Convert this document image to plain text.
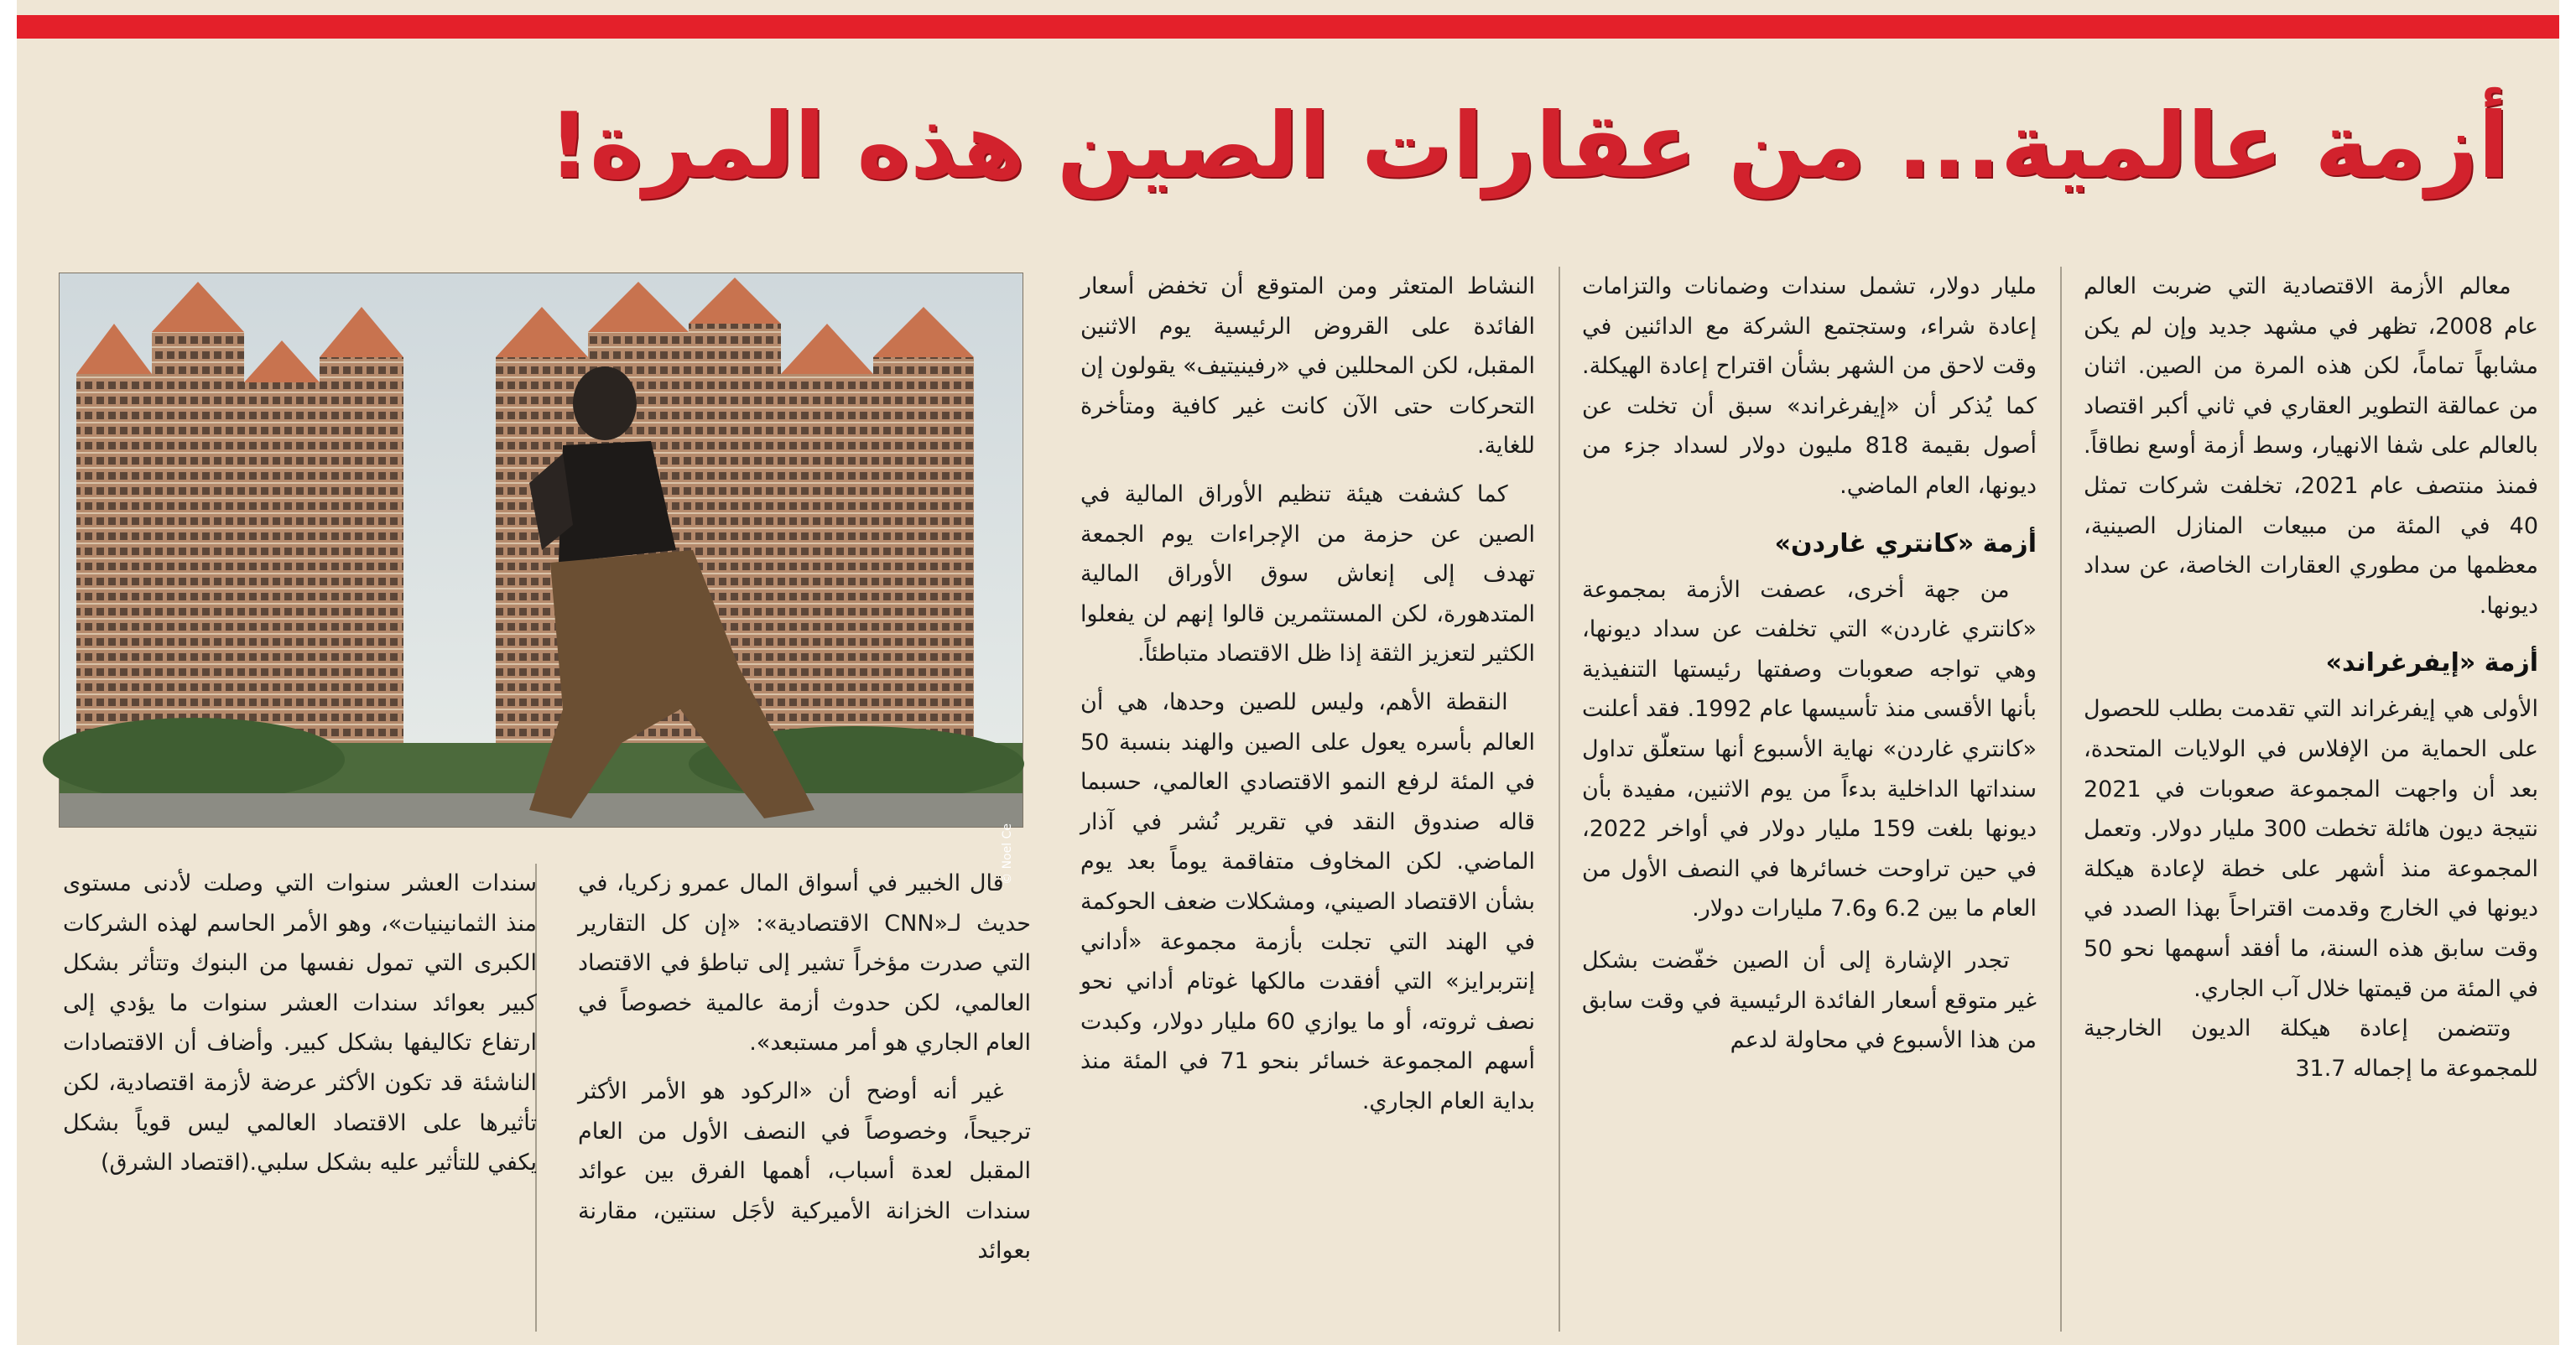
أزمة عالمية... من عقارات الصين هذه المرة!

معالم الأزمة الاقتصادية التي ضربت العالم عام 2008، تظهر في مشهد جديد وإن لم يكن مشابهاً تماماً، لكن هذه المرة من الصين. اثنان من عمالقة التطوير العقاري في ثاني أكبر اقتصاد بالعالم على شفا الانهيار، وسط أزمة أوسع نطاقاً. فمنذ منتصف عام 2021، تخلفت شركات تمثل 40 في المئة من مبيعات المنازل الصينية، معظمها من مطوري العقارات الخاصة، عن سداد ديونها.

أزمة «إيفرغراند»

الأولى هي إيفرغراند التي تقدمت بطلب للحصول على الحماية من الإفلاس في الولايات المتحدة، بعد أن واجهت المجموعة صعوبات في 2021 نتيجة ديون هائلة تخطت 300 مليار دولار. وتعمل المجموعة منذ أشهر على خطة لإعادة هيكلة ديونها في الخارج وقدمت اقتراحاً بهذا الصدد في وقت سابق هذه السنة، ما أفقد أسهمها نحو 50 في المئة من قيمتها خلال آب الجاري.

وتتضمن إعادة هيكلة الديون الخارجية للمجموعة ما إجماله 31.7

مليار دولار، تشمل سندات وضمانات والتزامات إعادة شراء، وستجتمع الشركة مع الدائنين في وقت لاحق من الشهر بشأن اقتراح إعادة الهيكلة. كما يُذكر أن «إيفرغراند» سبق أن تخلت عن أصول بقيمة 818 مليون دولار لسداد جزء من ديونها، العام الماضي.

أزمة «كانتري غاردن»

من جهة أخرى، عصفت الأزمة بمجموعة «كانتري غاردن» التي تخلفت عن سداد ديونها، وهي تواجه صعوبات وصفتها رئيستها التنفيذية بأنها الأقسى منذ تأسيسها عام 1992. فقد أعلنت «كانتري غاردن» نهاية الأسبوع أنها ستعلّق تداول سنداتها الداخلية بدءاً من يوم الاثنين، مفيدة بأن ديونها بلغت 159 مليار دولار في أواخر 2022، في حين تراوحت خسائرها في النصف الأول من العام ما بين 6.2 و7.6 مليارات دولار.

تجدر الإشارة إلى أن الصين خفّضت بشكل غير متوقع أسعار الفائدة الرئيسية في وقت سابق من هذا الأسبوع في محاولة لدعم

النشاط المتعثر ومن المتوقع أن تخفض أسعار الفائدة على القروض الرئيسية يوم الاثنين المقبل، لكن المحللين في «رفينيتيف» يقولون إن التحركات حتى الآن كانت غير كافية ومتأخرة للغاية.

كما كشفت هيئة تنظيم الأوراق المالية في الصين عن حزمة من الإجراءات يوم الجمعة تهدف إلى إنعاش سوق الأوراق المالية المتدهورة، لكن المستثمرين قالوا إنهم لن يفعلوا الكثير لتعزيز الثقة إذا ظل الاقتصاد متباطئاً.

النقطة الأهم، وليس للصين وحدها، هي أن العالم بأسره يعول على الصين والهند بنسبة 50 في المئة لرفع النمو الاقتصادي العالمي، حسبما قاله صندوق النقد في تقرير نُشر في آذار الماضي. لكن المخاوف متفاقمة يوماً بعد يوم بشأن الاقتصاد الصيني، ومشكلات ضعف الحوكمة في الهند التي تجلت بأزمة مجموعة «أداني إنتربرايز» التي أفقدت مالكها غوتام أداني نحو نصف ثروته، أو ما يوازي 60 مليار دولار، وكبدت أسهم المجموعة خسائر بنحو 71 في المئة منذ بداية العام الجاري.

© Noel Ce

قال الخبير في أسواق المال عمرو زكريا، في حديث لـ«CNN الاقتصادية»: «إن كل التقارير التي صدرت مؤخراً تشير إلى تباطؤ في الاقتصاد العالمي، لكن حدوث أزمة عالمية خصوصاً في العام الجاري هو أمر مستبعد».

غير أنه أوضح أن «الركود هو الأمر الأكثر ترجيحاً، وخصوصاً في النصف الأول من العام المقبل لعدة أسباب، أهمها الفرق بين عوائد سندات الخزانة الأميركية لأجَل سنتين، مقارنة بعوائد

سندات العشر سنوات التي وصلت لأدنى مستوى منذ الثمانينيات»، وهو الأمر الحاسم لهذه الشركات الكبرى التي تمول نفسها من البنوك وتتأثر بشكل كبير بعوائد سندات العشر سنوات ما يؤدي إلى ارتفاع تكاليفها بشكل كبير. وأضاف أن الاقتصادات الناشئة قد تكون الأكثر عرضة لأزمة اقتصادية، لكن تأثيرها على الاقتصاد العالمي ليس قوياً بشكل يكفي للتأثير عليه بشكل سلبي.(اقتصاد الشرق)
